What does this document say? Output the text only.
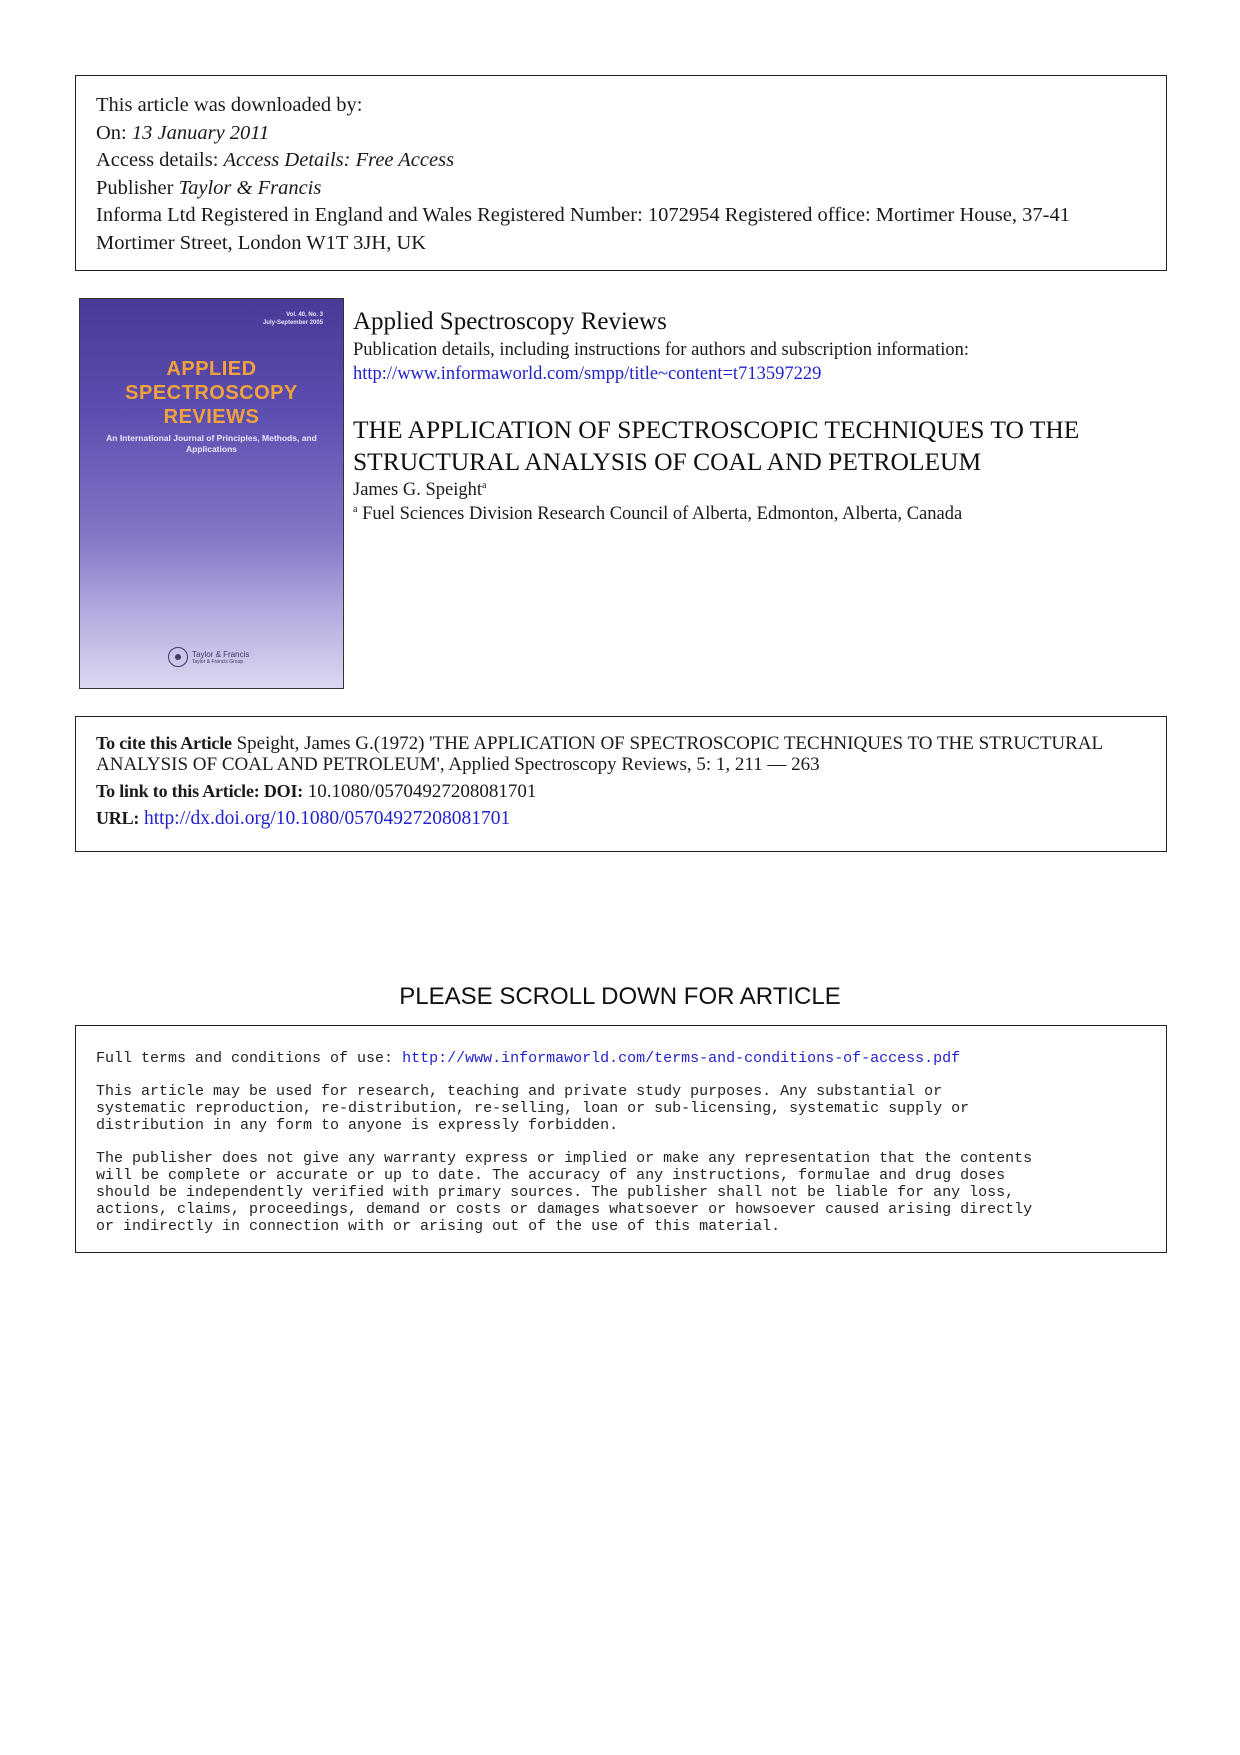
This article was downloaded by:
On: 13 January 2011
Access details: Access Details: Free Access
Publisher Taylor & Francis
Informa Ltd Registered in England and Wales Registered Number: 1072954 Registered office: Mortimer House, 37-41 Mortimer Street, London W1T 3JH, UK
Vol. 40, No. 3
July-September 2005
APPLIED
SPECTROSCOPY
REVIEWS
An International Journal of Principles, Methods, and Applications
Taylor & Francis
Taylor & Francis Group
Applied Spectroscopy Reviews
Publication details, including instructions for authors and subscription information:
http://www.informaworld.com/smpp/title~content=t713597229
THE APPLICATION OF SPECTROSCOPIC TECHNIQUES TO THE
STRUCTURAL ANALYSIS OF COAL AND PETROLEUM
James G. Speight$^a$
$^a$ Fuel Sciences Division Research Council of Alberta, Edmonton, Alberta, Canada
To cite this Article Speight, James G.(1972) 'THE APPLICATION OF SPECTROSCOPIC TECHNIQUES TO THE STRUCTURAL ANALYSIS OF COAL AND PETROLEUM', Applied Spectroscopy Reviews, 5: 1, 211 — 263
To link to this Article: DOI: 10.1080/05704927208081701
URL: http://dx.doi.org/10.1080/05704927208081701
PLEASE SCROLL DOWN FOR ARTICLE

Full terms and conditions of use: http://www.informaworld.com/terms-and-conditions-of-access.pdf

This article may be used for research, teaching and private study purposes. Any substantial or
systematic reproduction, re-distribution, re-selling, loan or sub-licensing, systematic supply or
distribution in any form to anyone is expressly forbidden.

The publisher does not give any warranty express or implied or make any representation that the contents
will be complete or accurate or up to date. The accuracy of any instructions, formulae and drug doses
should be independently verified with primary sources. The publisher shall not be liable for any loss,
actions, claims, proceedings, demand or costs or damages whatsoever or howsoever caused arising directly
or indirectly in connection with or arising out of the use of this material.
